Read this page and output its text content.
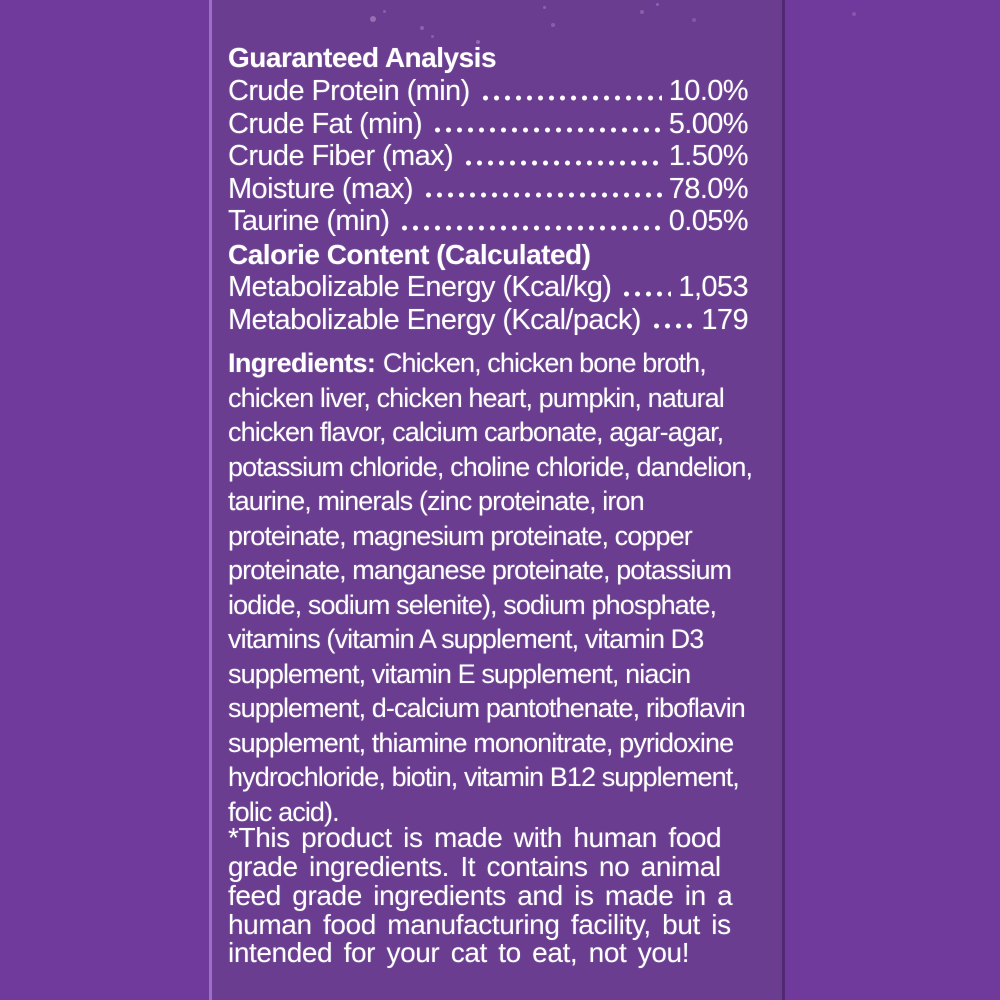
Guaranteed Analysis
Crude Protein (min)	10.0%
Crude Fat (min)	5.00%
Crude Fiber (max)	1.50%
Moisture (max)	78.0%
Taurine (min)	0.05%
Calorie Content (Calculated)
Metabolizable Energy (Kcal/kg) 1,053
Metabolizable Energy (Kcal/pack) 179
Ingredients: Chicken, chicken bone broth,
chicken liver, chicken heart, pumpkin, natural
chicken flavor, calcium carbonate, agar-agar,
potassium chloride, choline chloride, dandelion,
taurine, minerals (zinc proteinate, iron
proteinate, magnesium proteinate, copper
proteinate, manganese proteinate, potassium
iodide, sodium selenite), sodium phosphate,
vitamins (vitamin A supplement, vitamin D3
supplement, vitamin E supplement, niacin
supplement, d-calcium pantothenate, riboflavin
supplement, thiamine mononitrate, pyridoxine
hydrochloride, biotin, vitamin B12 supplement,
folic acid).
*This product is made with human food
grade ingredients. It contains no animal
feed grade ingredients and is made in a
human food manufacturing facility, but is
intended for your cat to eat, not you!
